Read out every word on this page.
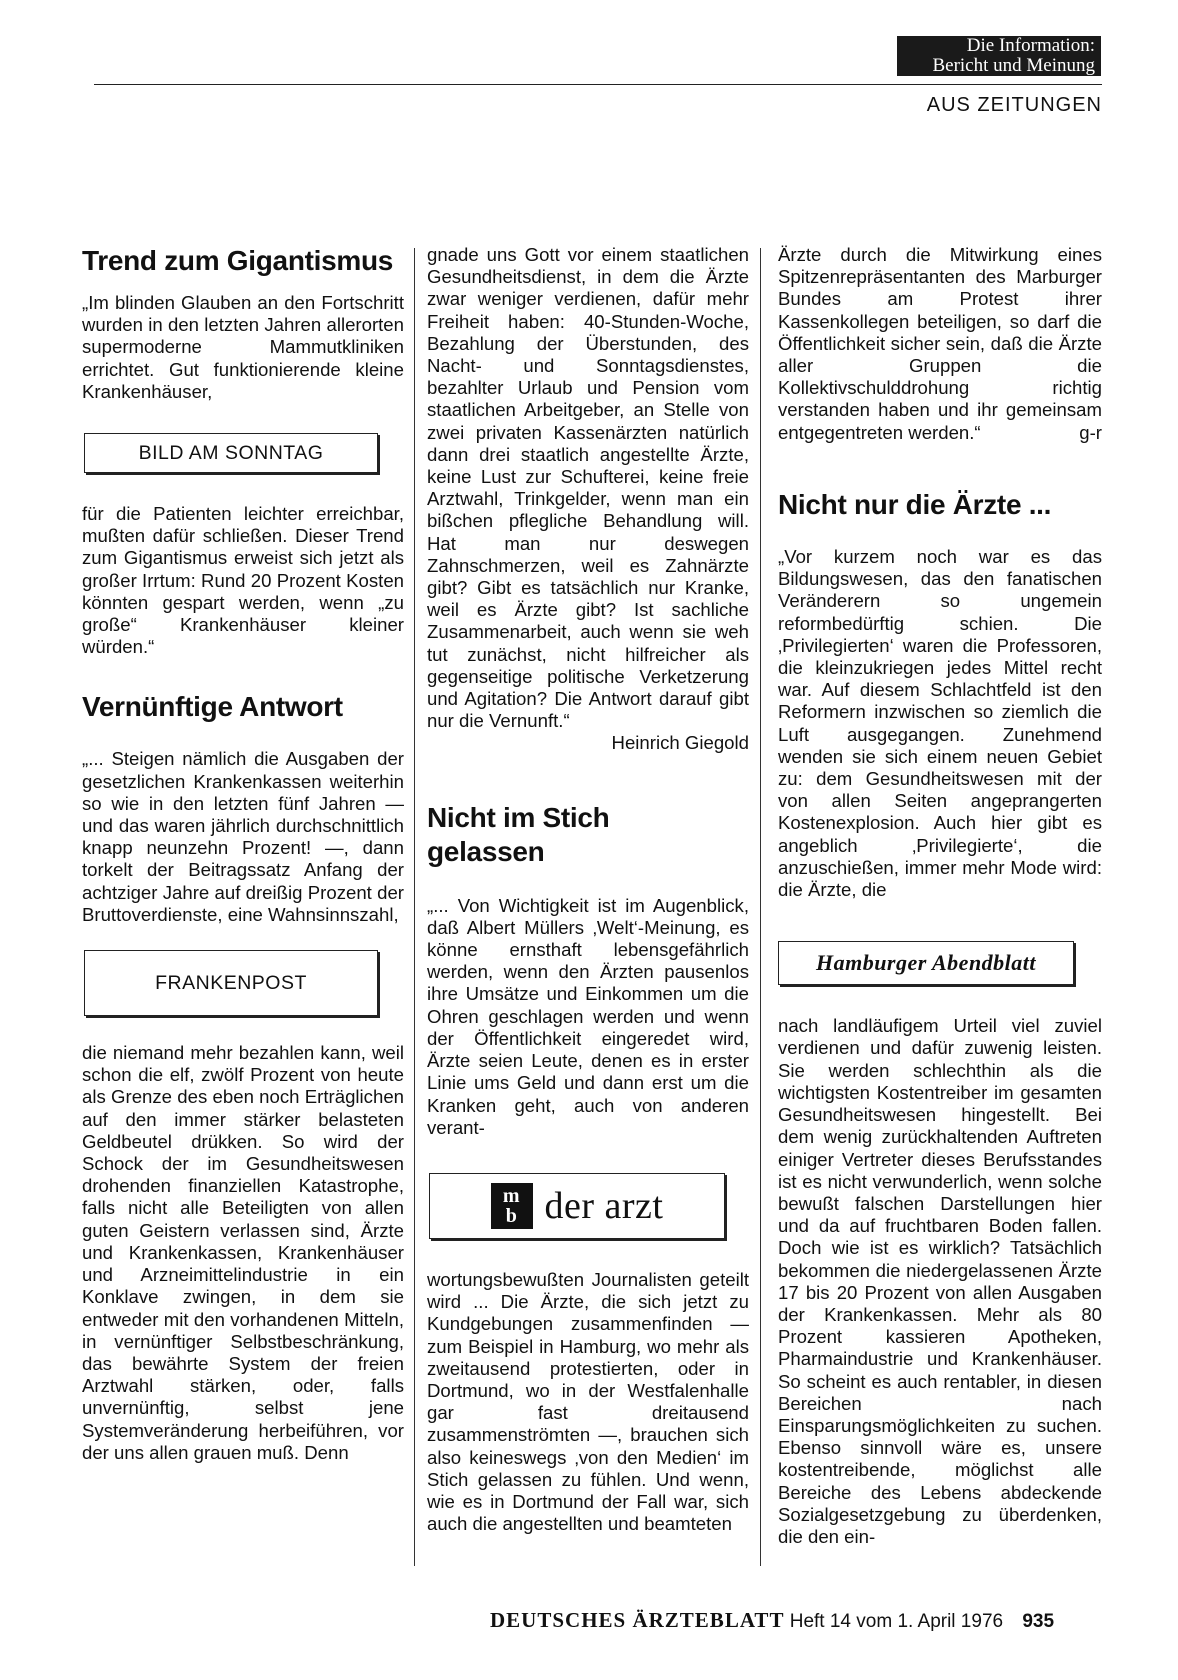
Die Information:
Bericht und Meinung
AUS ZEITUNGEN
Trend zum Gigantismus

„Im blinden Glauben an den Fortschritt wurden in den letzten Jahren allerorten supermoderne Mammutkliniken errichtet. Gut funktionierende kleine Krankenhäuser,

BILD AM SONNTAG

für die Patienten leichter erreichbar, mußten dafür schließen. Dieser Trend zum Gigantismus erweist sich jetzt als großer Irrtum: Rund 20 Prozent Kosten könnten gespart werden, wenn „zu große“ Krankenhäuser kleiner würden.“

Vernünftige Antwort

„... Steigen nämlich die Ausgaben der gesetzlichen Krankenkassen weiterhin so wie in den letzten fünf Jahren — und das waren jährlich durchschnittlich knapp neunzehn Prozent! —, dann torkelt der Beitragssatz Anfang der achtziger Jahre auf dreißig Prozent der Bruttoverdienste, eine Wahnsinnszahl,

FRANKENPOST

die niemand mehr bezahlen kann, weil schon die elf, zwölf Prozent von heute als Grenze des eben noch Erträglichen auf den immer stärker belasteten Geldbeutel drükken. So wird der Schock der im Gesundheitswesen drohenden finanziellen Katastrophe, falls nicht alle Beteiligten von allen guten Geistern verlassen sind, Ärzte und Krankenkassen, Krankenhäuser und Arzneimittelindustrie in ein Konklave zwingen, in dem sie entweder mit den vorhandenen Mitteln, in vernünftiger Selbstbeschränkung, das bewährte System der freien Arztwahl stärken, oder, falls unvernünftig, selbst jene Systemveränderung herbeiführen, vor der uns allen grauen muß. Denn

gnade uns Gott vor einem staatlichen Gesundheitsdienst, in dem die Ärzte zwar weniger verdienen, dafür mehr Freiheit haben: 40-Stunden-Woche, Bezahlung der Überstunden, des Nacht- und Sonntagsdienstes, bezahlter Urlaub und Pension vom staatlichen Arbeitgeber, an Stelle von zwei privaten Kassenärzten natürlich dann drei staatlich angestellte Ärzte, keine Lust zur Schufterei, keine freie Arztwahl, Trinkgelder, wenn man ein bißchen pflegliche Behandlung will. Hat man nur deswegen Zahnschmerzen, weil es Zahnärzte gibt? Gibt es tatsächlich nur Kranke, weil es Ärzte gibt? Ist sachliche Zusammenarbeit, auch wenn sie weh tut zunächst, nicht hilfreicher als gegenseitige politische Verketzerung und Agitation? Die Antwort darauf gibt nur die Vernunft.“

Heinrich Giegold

Nicht im Stich
gelassen

„... Von Wichtigkeit ist im Augenblick, daß Albert Müllers ‚Welt‘-Meinung, es könne ernsthaft lebensgefährlich werden, wenn den Ärzten pausenlos ihre Umsätze und Einkommen um die Ohren geschlagen werden und wenn der Öffentlichkeit eingeredet wird, Ärzte seien Leute, denen es in erster Linie ums Geld und dann erst um die Kranken geht, auch von anderen verant-

m
b der arzt

wortungsbewußten Journalisten geteilt wird ... Die Ärzte, die sich jetzt zu Kundgebungen zusammenfinden — zum Beispiel in Hamburg, wo mehr als zweitausend protestierten, oder in Dortmund, wo in der Westfalenhalle gar fast dreitausend zusammenströmten —, brauchen sich also keineswegs ‚von den Medien‘ im Stich gelassen zu fühlen. Und wenn, wie es in Dortmund der Fall war, sich auch die angestellten und beamteten

Ärzte durch die Mitwirkung eines Spitzenrepräsentanten des Marburger Bundes am Protest ihrer Kassenkollegen beteiligen, so darf die Öffentlichkeit sicher sein, daß die Ärzte aller Gruppen die Kollektivschulddrohung richtig verstanden haben und ihr gemeinsam entgegentreten werden.“	g-r

Nicht nur die Ärzte ...

„Vor kurzem noch war es das Bildungswesen, das den fanatischen Veränderern so ungemein reformbedürftig schien. Die ‚Privilegierten‘ waren die Professoren, die kleinzukriegen jedes Mittel recht war. Auf diesem Schlachtfeld ist den Reformern inzwischen so ziemlich die Luft ausgegangen. Zunehmend wenden sie sich einem neuen Gebiet zu: dem Gesundheitswesen mit der von allen Seiten angeprangerten Kostenexplosion. Auch hier gibt es angeblich ‚Privilegierte‘, die anzuschießen, immer mehr Mode wird: die Ärzte, die

Hamburger Abendblatt

nach landläufigem Urteil viel zuviel verdienen und dafür zuwenig leisten. Sie werden schlechthin als die wichtigsten Kostentreiber im gesamten Gesundheitswesen hingestellt. Bei dem wenig zurückhaltenden Auftreten einiger Vertreter dieses Berufsstandes ist es nicht verwunderlich, wenn solche bewußt falschen Darstellungen hier und da auf fruchtbaren Boden fallen. Doch wie ist es wirklich? Tatsächlich bekommen die niedergelassenen Ärzte 17 bis 20 Prozent von allen Ausgaben der Krankenkassen. Mehr als 80 Prozent kassieren Apotheken, Pharmaindustrie und Krankenhäuser. So scheint es auch rentabler, in diesen Bereichen nach Einsparungsmöglichkeiten zu suchen. Ebenso sinnvoll wäre es, unsere kostentreibende, möglichst alle Bereiche des Lebens abdeckende Sozialgesetzgebung zu überdenken, die den ein-

DEUTSCHES ÄRZTEBLATT Heft 14 vom 1. April 1976 935
